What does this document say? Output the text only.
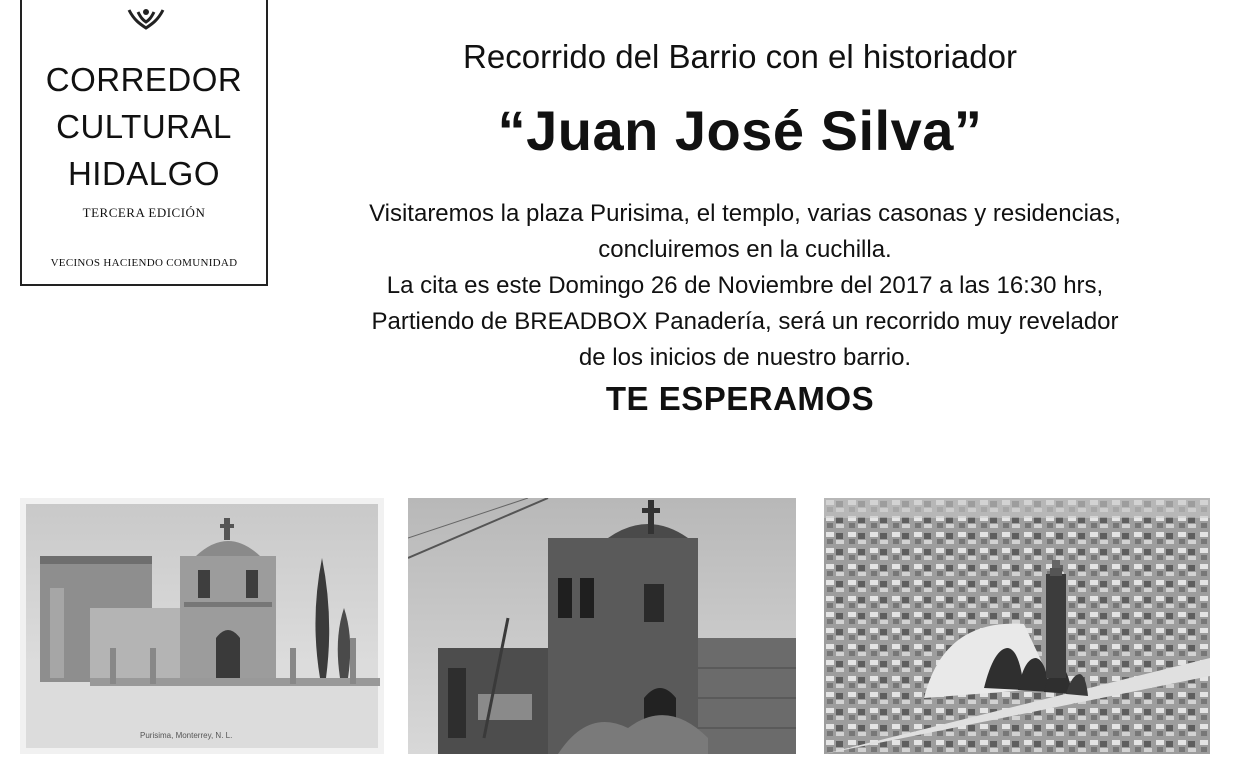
CORREDOR
CULTURAL
HIDALGO
TERCERA EDICIÓN
VECINOS HACIENDO COMUNIDAD
Recorrido del Barrio con el historiador
“Juan José Silva”
Visitaremos la plaza Purisima, el templo, varias casonas y residencias,
concluiremos en la cuchilla.
La cita es este Domingo 26 de Noviembre del 2017 a las 16:30 hrs,
Partiendo de BREADBOX Panadería, será un recorrido muy revelador
de los inicios de nuestro barrio.
TE ESPERAMOS
Purisima, Monterrey, N. L.
